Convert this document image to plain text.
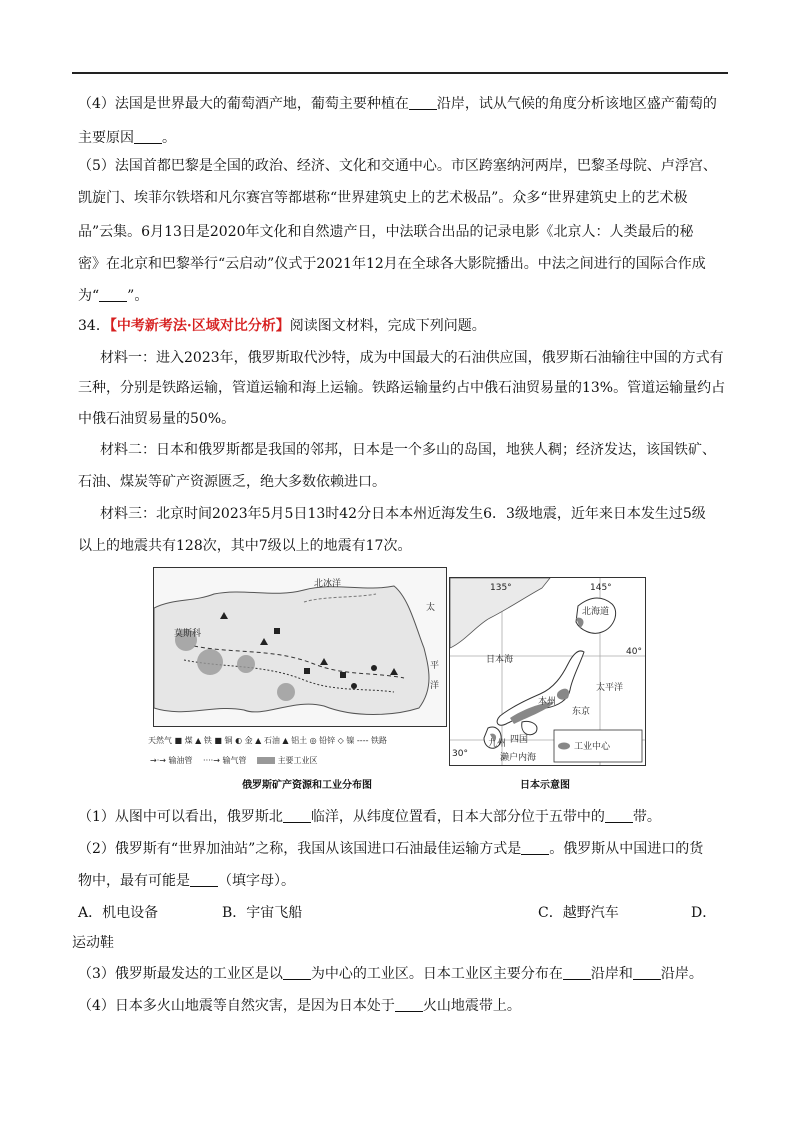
（4）法国是世界最大的葡萄酒产地，葡萄主要种植在 沿岸，试从气候的角度分析该地区盛产葡萄的
主要原因 。
（5）法国首都巴黎是全国的政治、经济、文化和交通中心。市区跨塞纳河两岸，巴黎圣母院、卢浮宫、
凯旋门、埃菲尔铁塔和凡尔赛宫等都堪称“世界建筑史上的艺术极品”。众多“世界建筑史上的艺术极
品”云集。6月13日是2020年文化和自然遗产日，中法联合出品的记录电影《北京人：人类最后的秘
密》在北京和巴黎举行“云启动”仪式于2021年12月在全球各大影院播出。中法之间进行的国际合作成
为“ ”。
34．【中考新考法·区域对比分析】阅读图文材料，完成下列问题。
材料一：进入2023年，俄罗斯取代沙特，成为中国最大的石油供应国，俄罗斯石油输往中国的方式有
三种，分别是铁路运输，管道运输和海上运输。铁路运输量约占中俄石油贸易量的13%。管道运输量约占
中俄石油贸易量的50%。
材料二：日本和俄罗斯都是我国的邻邦，日本是一个多山的岛国，地狭人稠；经济发达，该国铁矿、
石油、煤炭等矿产资源匮乏，绝大多数依赖进口。
材料三：北京时间2023年5月5日13时42分日本本州近海发生6．3级地震，近年来日本发生过5级
以上的地震共有128次，其中7级以上的地震有17次。
北冰洋
莫斯科
太
平
洋
天然气 ■ 煤 ▲ 铁 ■ 铜 ◐ 金 ▲ 石油 ▲ 铝土 ◎ 铅锌 ◇ 镍 ---- 铁路
→·→ 输油管 ····→ 输气管	主要工业区
俄罗斯矿产资源和工业分布图
135°	145°
40°
30°
北海道
日本海
太平洋
本州
东京
四国
九州
濑户内海
工业中心
日本示意图
（1）从图中可以看出，俄罗斯北 临洋，从纬度位置看，日本大部分位于五带中的 带。
（2）俄罗斯有“世界加油站”之称，我国从该国进口石油最佳运输方式是 。俄罗斯从中国进口的货
物中，最有可能是 （填字母）。
A．机电设备	B．宇宙飞船	C．越野汽车	D．
运动鞋
（3）俄罗斯最发达的工业区是以 为中心的工业区。日本工业区主要分布在 沿岸和 沿岸。
（4）日本多火山地震等自然灾害，是因为日本处于 火山地震带上。
